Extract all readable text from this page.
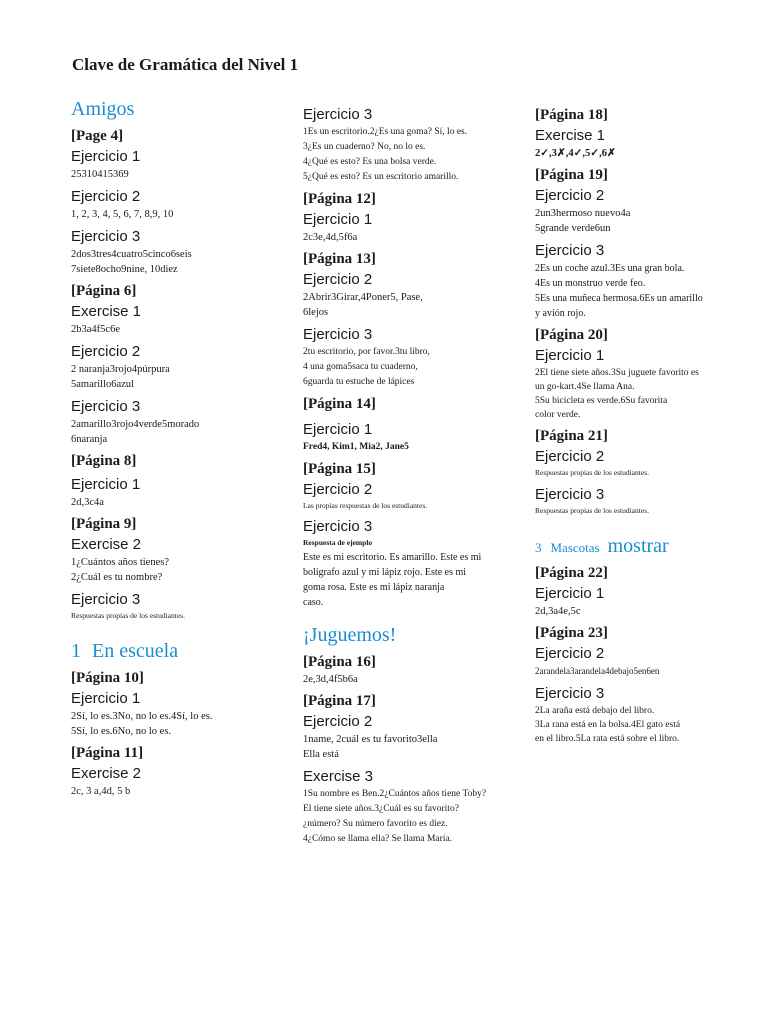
Clave de Gramática del Nivel 1
Amigos
[Page 4]
Ejercicio 1
25310415369
Ejercicio 2
1, 2, 3, 4, 5, 6, 7, 8,9, 10
Ejercicio 3
2dos3tres4cuatro5cinco6seis
7siete8ocho9nine, 10diez
[Página 6]
Exercise 1
2b3a4f5c6e
Ejercicio 2
2 naranja3rojo4púrpura
5amarillo6azul
Ejercicio 3
2amarillo3rojo4verde5morado
6naranja
[Página 8]
Ejercicio 1
2d,3c4a
[Página 9]
Exercise 2
1¿Cuántos años tienes?
2¿Cuál es tu nombre?
Ejercicio 3
Respuestas propias de los estudiantes.
1 En escuela
[Página 10]
Ejercicio 1
2Sí, lo es.3No, no lo es.4Sí, lo es.
5Sí, lo es.6No, no lo es.
[Página 11]
Exercise 2
2c, 3 a,4d, 5 b
Ejercicio 3
1Es un escritorio.2¿Es una goma? Sí, lo es.
3¿Es un cuaderno? No, no lo es.
4¿Qué es esto? Es una bolsa verde.
5¿Qué es esto? Es un escritorio amarillo.
[Página 12]
Ejercicio 1
2c3e,4d,5f6a
[Página 13]
Ejercicio 2
2Abrir3Girar,4Poner5, Pase,
6lejos
Ejercicio 3
2tu escritorio, por favor.3tu libro,
4 una goma5saca tu cuaderno,
6guarda tu estuche de lápices
[Página 14]
Ejercicio 1
Fred4, Kim1, Mia2, Jane5
[Página 15]
Ejercicio 2
Las propias respuestas de los estudiantes.
Ejercicio 3
Respuesta de ejemplo
Este es mi escritorio. Es amarillo. Este es mi
bolígrafo azul y mi lápiz rojo. Este es mi
goma rosa. Este es mi lápiz naranja
caso.
¡Juguemos!
[Página 16]
2e,3d,4f5b6a
[Página 17]
Ejercicio 2
1name, 2cuál es tu favorito3ella
Ella está
Exercise 3
1Su nombre es Ben.2¿Cuántos años tiene Toby?
El tiene siete años.3¿Cuál es su favorito?
¿número? Su número favorito es diez.
4¿Cómo se llama ella? Se llama María.
[Página 18]
Exercise 1
2✓,3✗,4✓,5✓,6✗
[Página 19]
Ejercicio 2
2un3hermoso nuevo4a
5grande verde6un
Ejercicio 3
2Es un coche azul.3Es una gran bola.
4Es un monstruo verde feo.
5Es una muñeca hermosa.6Es un amarillo
y avión rojo.
[Página 20]
Ejercicio 1
2El tiene siete años.3Su juguete favorito es
un go-kart.4Se llama Ana.
5Su bicicleta es verde.6Su favorita
color verde.
[Página 21]
Ejercicio 2
Respuestas propias de los estudiantes.
Ejercicio 3
Respuestas propias de los estudiantes.
3 Mascotas mostrar
[Página 22]
Ejercicio 1
2d,3a4e,5c
[Página 23]
Ejercicio 2
2arandela3arandela4debajo5en6en
Ejercicio 3
2La araña está debajo del libro.
3La rana está en la bolsa.4El gato está
en el libro.5La rata está sobre el libro.
